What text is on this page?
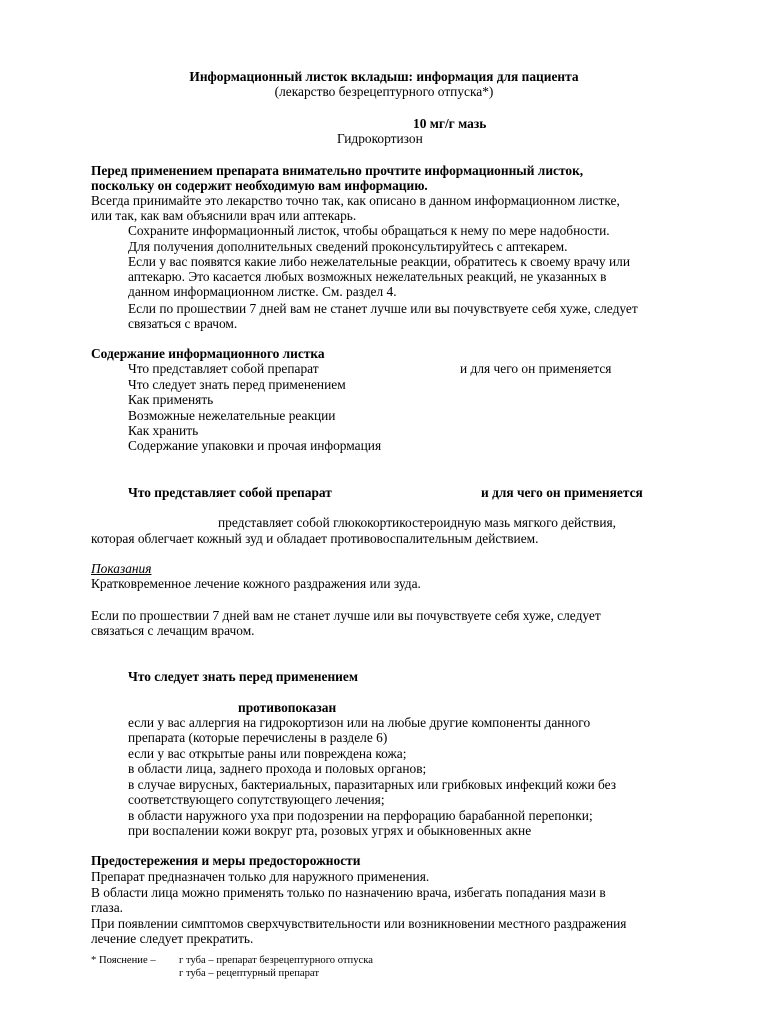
Информационный листок вкладыш: информация для пациента
(лекарство безрецептурного отпуска*)
10 мг/г мазь
Гидрокортизон
Перед применением препарата внимательно прочтите информационный листок,
поскольку он содержит необходимую вам информацию.
Всегда принимайте это лекарство точно так, как описано в данном информационном листке,
или так, как вам объяснили врач или аптекарь.
Сохраните информационный листок, чтобы обращаться к нему по мере надобности.
Для получения дополнительных сведений проконсультируйтесь с аптекарем.
Если у вас появятся какие либо нежелательные реакции, обратитесь к своему врачу или
аптекарю. Это касается любых возможных нежелательных реакций, не указанных в
данном информационном листке. См. раздел 4.
Если по прошествии 7 дней вам не станет лучше или вы почувствуете себя хуже, следует
связаться с врачом.
Содержание информационного листка
Что представляет собой препарат	и для чего он применяется
Что следует знать перед применением
Как применять
Возможные нежелательные реакции
Как хранить
Содержание упаковки и прочая информация
Что представляет собой препарат	и для чего он применяется
представляет собой глюкокортикостероидную мазь мягкого действия,
которая облегчает кожный зуд и обладает противовоспалительным действием.
Показания
Кратковременное лечение кожного раздражения или зуда.
Если по прошествии 7 дней вам не станет лучше или вы почувствуете себя хуже, следует
связаться с лечащим врачом.
Что следует знать перед применением
противопоказан
если у вас аллергия на гидрокортизон или на любые другие компоненты данного
препарата (которые перечислены в разделе 6)
если у вас открытые раны или повреждена кожа;
в области лица, заднего прохода и половых органов;
в случае вирусных, бактериальных, паразитарных или грибковых инфекций кожи без
соответствующего сопутствующего лечения;
в области наружного уха при подозрении на перфорацию барабанной перепонки;
при воспалении кожи вокруг рта, розовых угрях и обыкновенных акне
Предостережения и меры предосторожности
Препарат предназначен только для наружного применения.
В области лица можно применять только по назначению врача, избегать попадания мази в
глаза.
При появлении симптомов сверхчувствительности или возникновении местного раздражения
лечение следует прекратить.
* Пояснение – г туба – препарат безрецептурного отпуска
г туба – рецептурный препарат
